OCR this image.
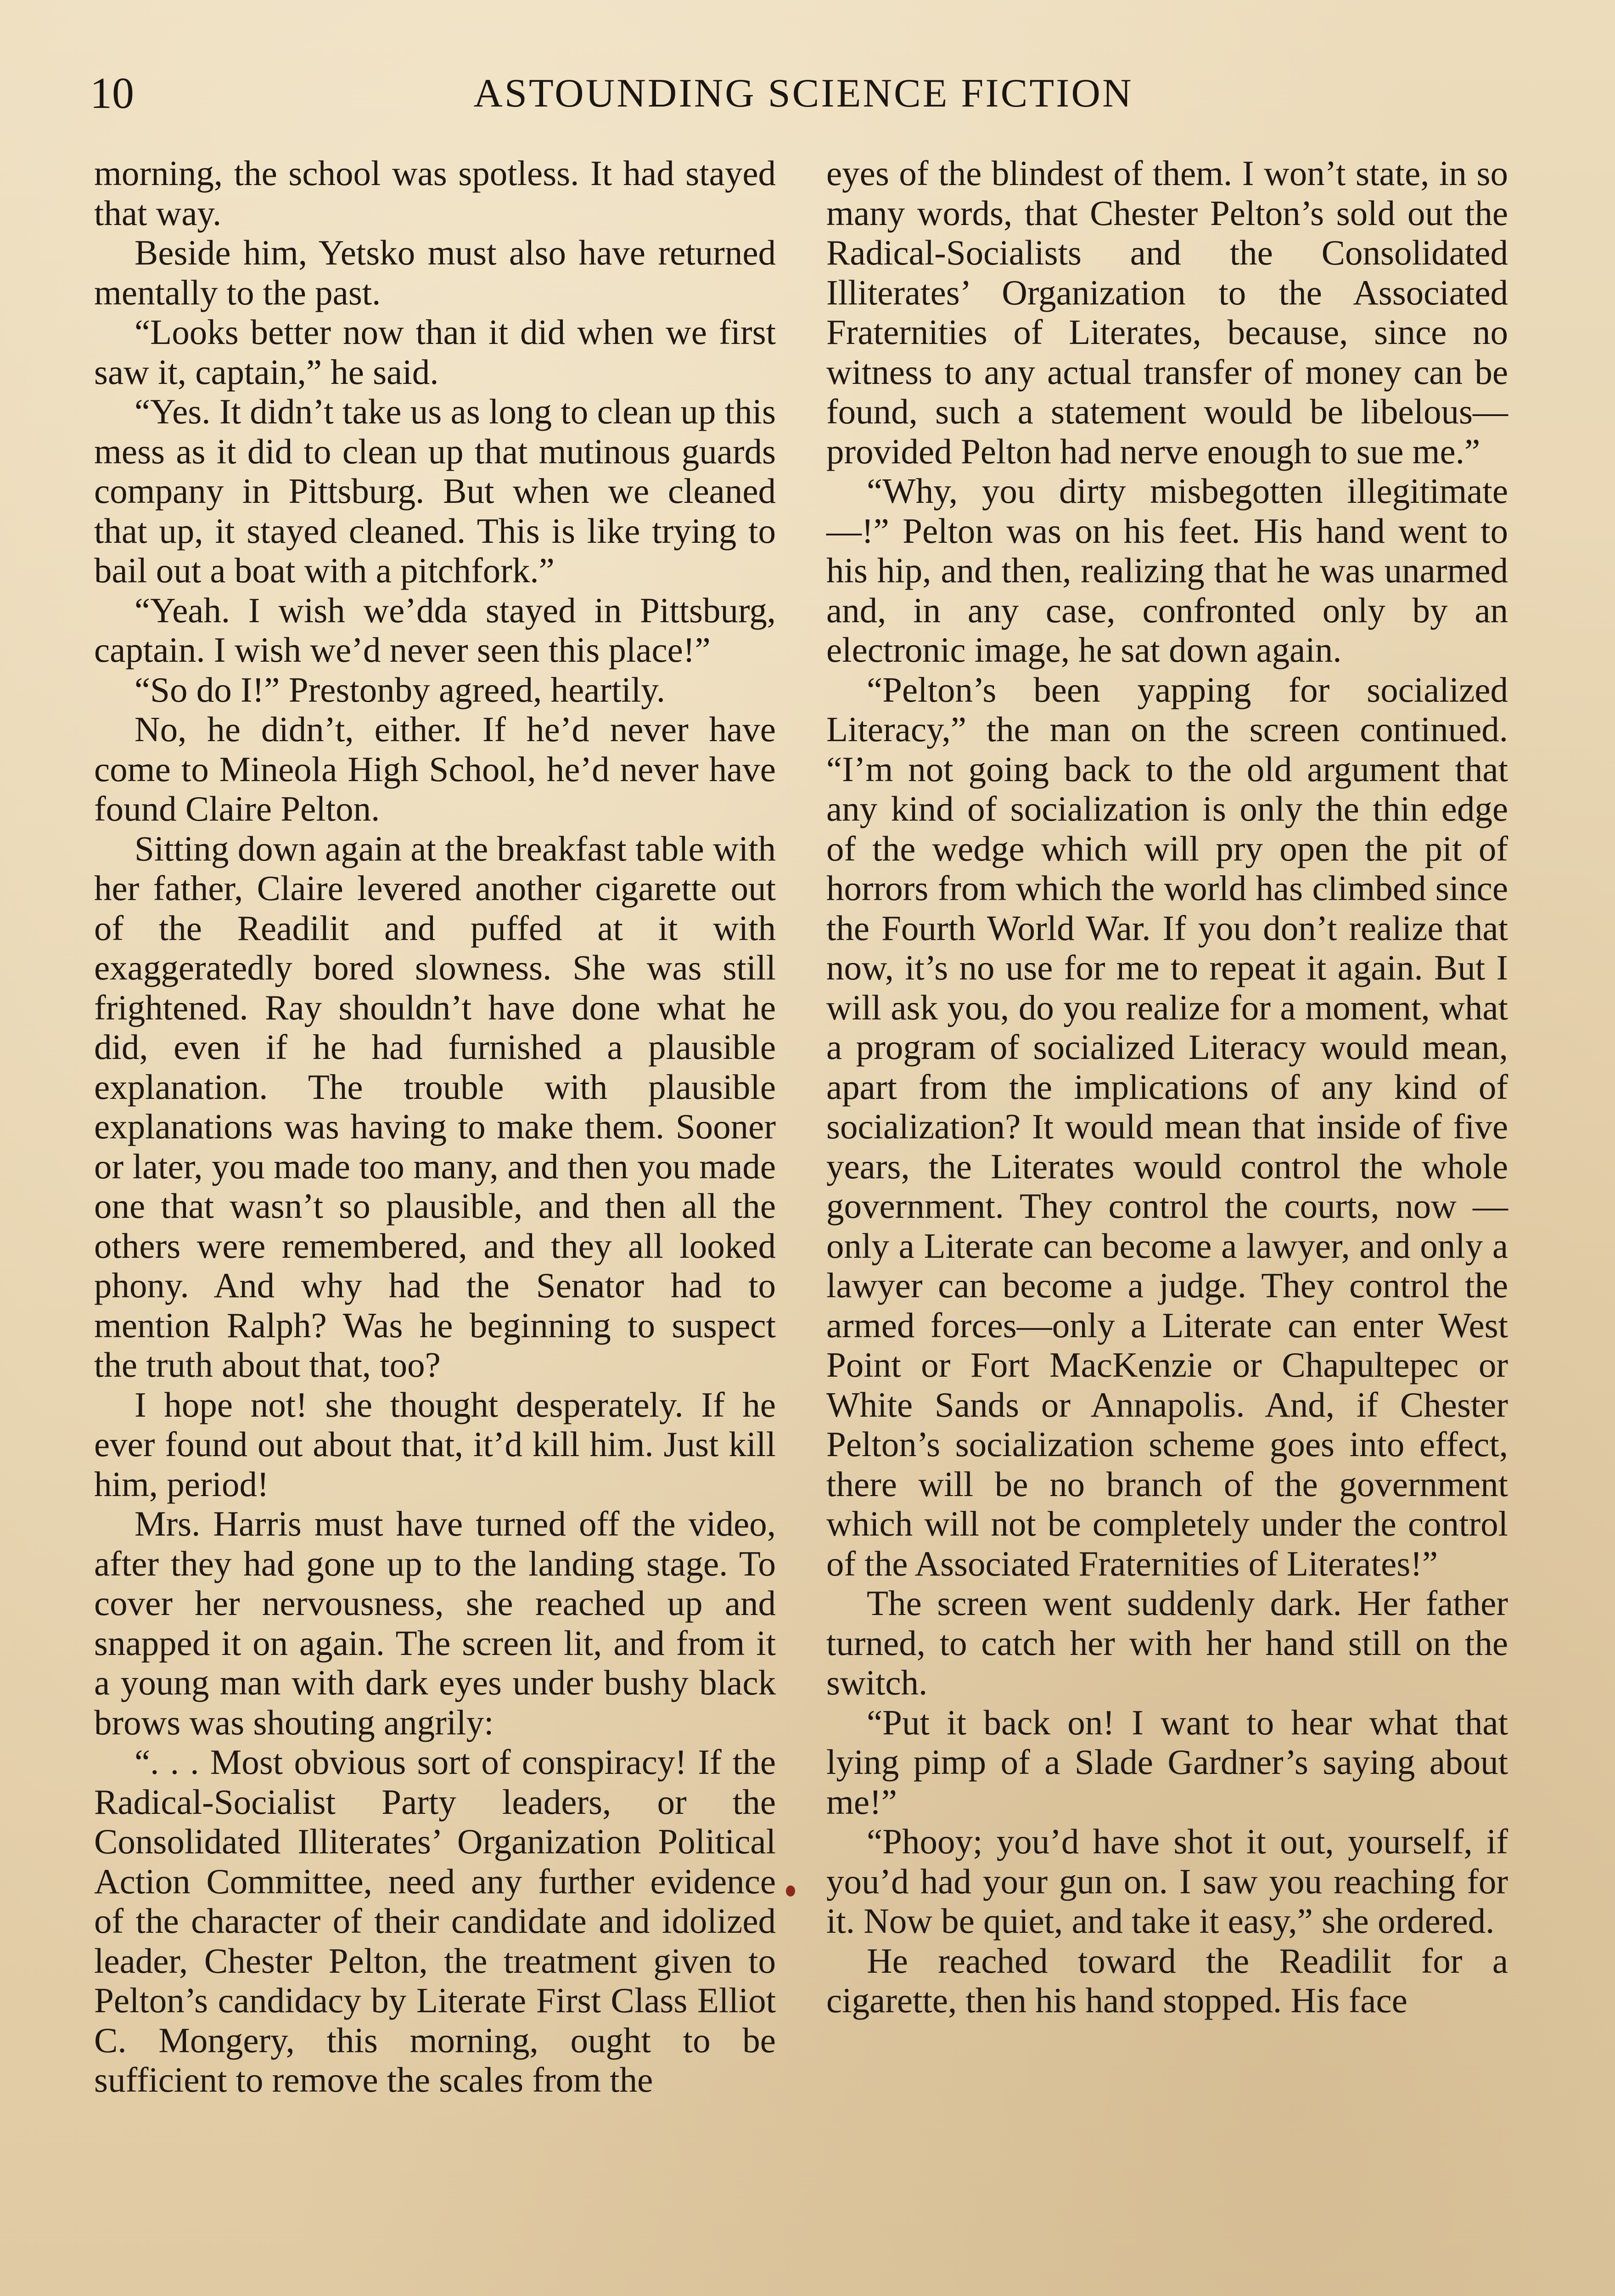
10	ASTOUNDING SCIENCE FICTION

morning, the school was spotless. It had stayed that way.

Beside him, Yetsko must also have returned mentally to the past.

“Looks better now than it did when we first saw it, captain,” he said.

“Yes. It didn’t take us as long to clean up this mess as it did to clean up that mutinous guards company in Pittsburg. But when we cleaned that up, it stayed cleaned. This is like trying to bail out a boat with a pitchfork.”

“Yeah. I wish we’dda stayed in Pittsburg, captain. I wish we’d never seen this place!”

“So do I!” Prestonby agreed, heartily.

No, he didn’t, either. If he’d never have come to Mineola High School, he’d never have found Claire Pelton.

Sitting down again at the breakfast table with her father, Claire levered another cigarette out of the Readilit and puffed at it with exaggeratedly bored slowness. She was still frightened. Ray shouldn’t have done what he did, even if he had furnished a plausible explanation. The trouble with plausible explanations was having to make them. Sooner or later, you made too many, and then you made one that wasn’t so plausible, and then all the others were remembered, and they all looked phony. And why had the Senator had to mention Ralph? Was he beginning to suspect the truth about that, too?

I hope not! she thought desperately. If he ever found out about that, it’d kill him. Just kill him, period!

Mrs. Harris must have turned off the video, after they had gone up to the landing stage. To cover her nervousness, she reached up and snapped it on again. The screen lit, and from it a young man with dark eyes under bushy black brows was shouting angrily:

“. . . Most obvious sort of conspiracy! If the Radical-Socialist Party leaders, or the Consolidated Illiterates’ Organization Political Action Committee, need any further evidence of the character of their candidate and idolized leader, Chester Pelton, the treatment given to Pelton’s candidacy by Literate First Class Elliot C. Mongery, this morning, ought to be sufficient to remove the scales from the

eyes of the blindest of them. I won’t state, in so many words, that Chester Pelton’s sold out the Radical-Socialists and the Consolidated Illiterates’ Organization to the Associated Fraternities of Literates, because, since no witness to any actual transfer of money can be found, such a statement would be libelous—provided Pelton had nerve enough to sue me.”

“Why, you dirty misbegotten illegitimate—!” Pelton was on his feet. His hand went to his hip, and then, realizing that he was unarmed and, in any case, confronted only by an electronic image, he sat down again.

“Pelton’s been yapping for socialized Literacy,” the man on the screen continued. “I’m not going back to the old argument that any kind of socialization is only the thin edge of the wedge which will pry open the pit of horrors from which the world has climbed since the Fourth World War. If you don’t realize that now, it’s no use for me to repeat it again. But I will ask you, do you realize for a moment, what a program of socialized Literacy would mean, apart from the implications of any kind of socialization? It would mean that inside of five years, the Literates would control the whole government. They control the courts, now —only a Literate can become a lawyer, and only a lawyer can become a judge. They control the armed forces—only a Literate can enter West Point or Fort MacKenzie or Chapultepec or White Sands or Annapolis. And, if Chester Pelton’s socialization scheme goes into effect, there will be no branch of the government which will not be completely under the control of the Associated Fraternities of Literates!”

The screen went suddenly dark. Her father turned, to catch her with her hand still on the switch.

“Put it back on! I want to hear what that lying pimp of a Slade Gardner’s saying about me!”

“Phooy; you’d have shot it out, yourself, if you’d had your gun on. I saw you reaching for it. Now be quiet, and take it easy,” she ordered.

He reached toward the Readilit for a cigarette, then his hand stopped. His face
